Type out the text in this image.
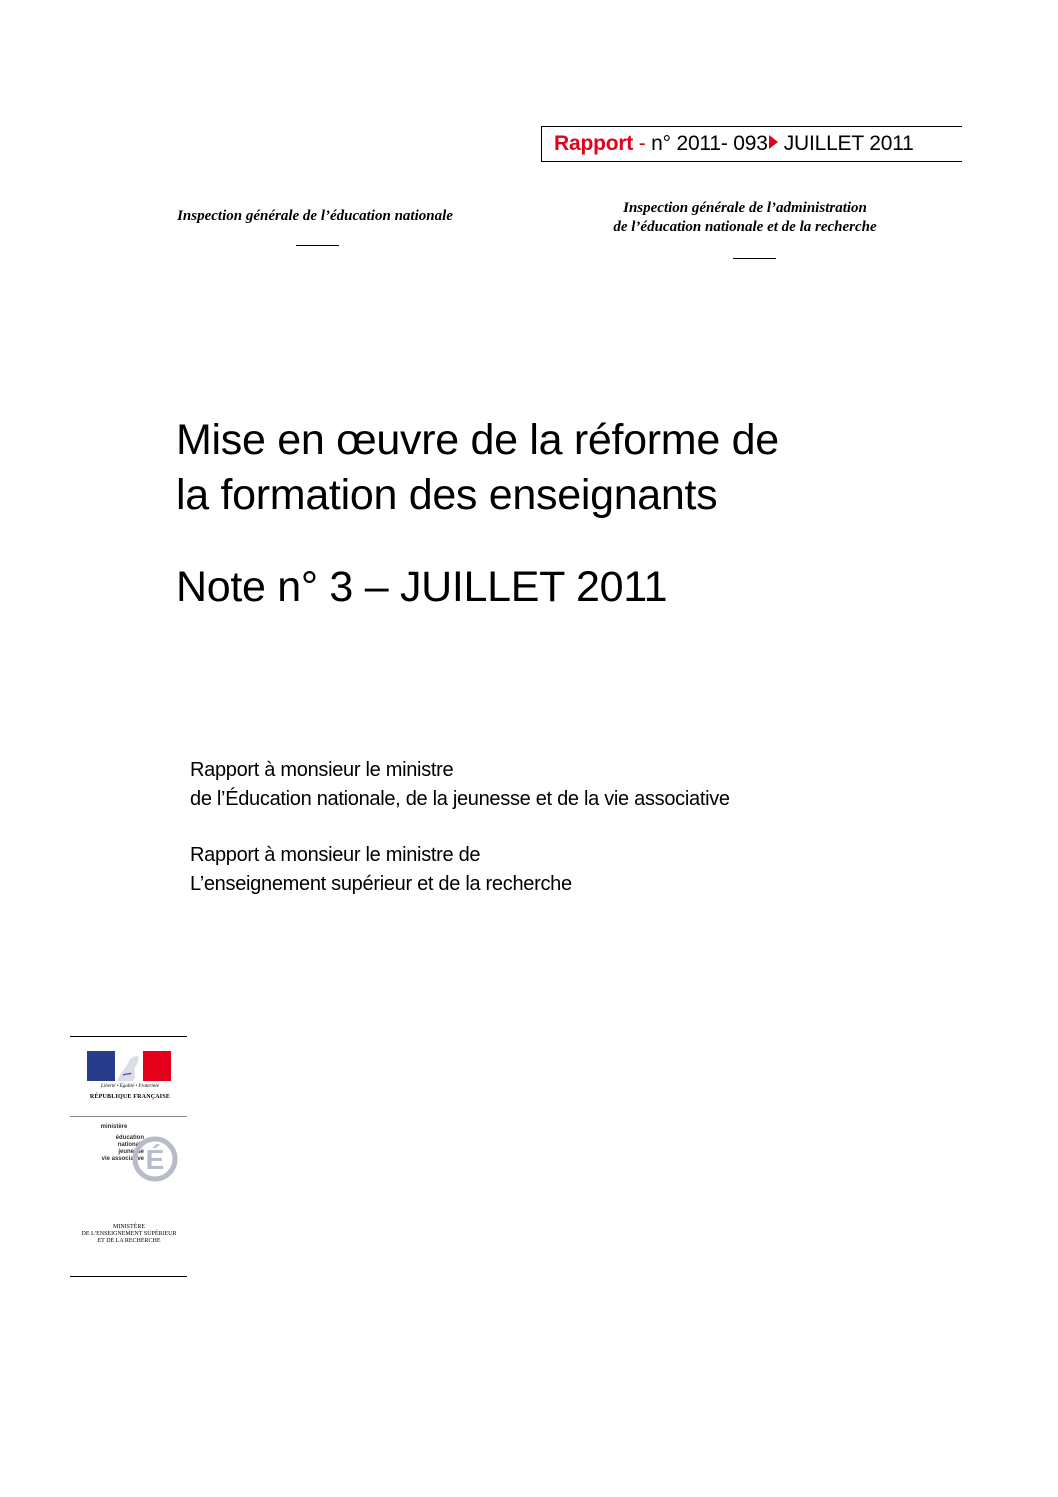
Rapport - n° 2011- 093 JUILLET 2011
Inspection générale de l’éducation nationale	Inspection générale de l’administration
de l’éducation nationale et de la recherche
Mise en œuvre de la réforme de
la formation des enseignants
Note n° 3 – JUILLET 2011
Rapport à monsieur le ministre
de l’Éducation nationale, de la jeunesse et de la vie associative
Rapport à monsieur le ministre de
L’enseignement supérieur et de la recherche
Liberté • Égalité • Fraternité
RÉPUBLIQUE FRANÇAISE
ministère
éducation
nationale
jeunesse
vie associative É
MINISTÈRE
DE L’ENSEIGNEMENT SUPÉRIEUR
ET DE LA RECHERCHE
